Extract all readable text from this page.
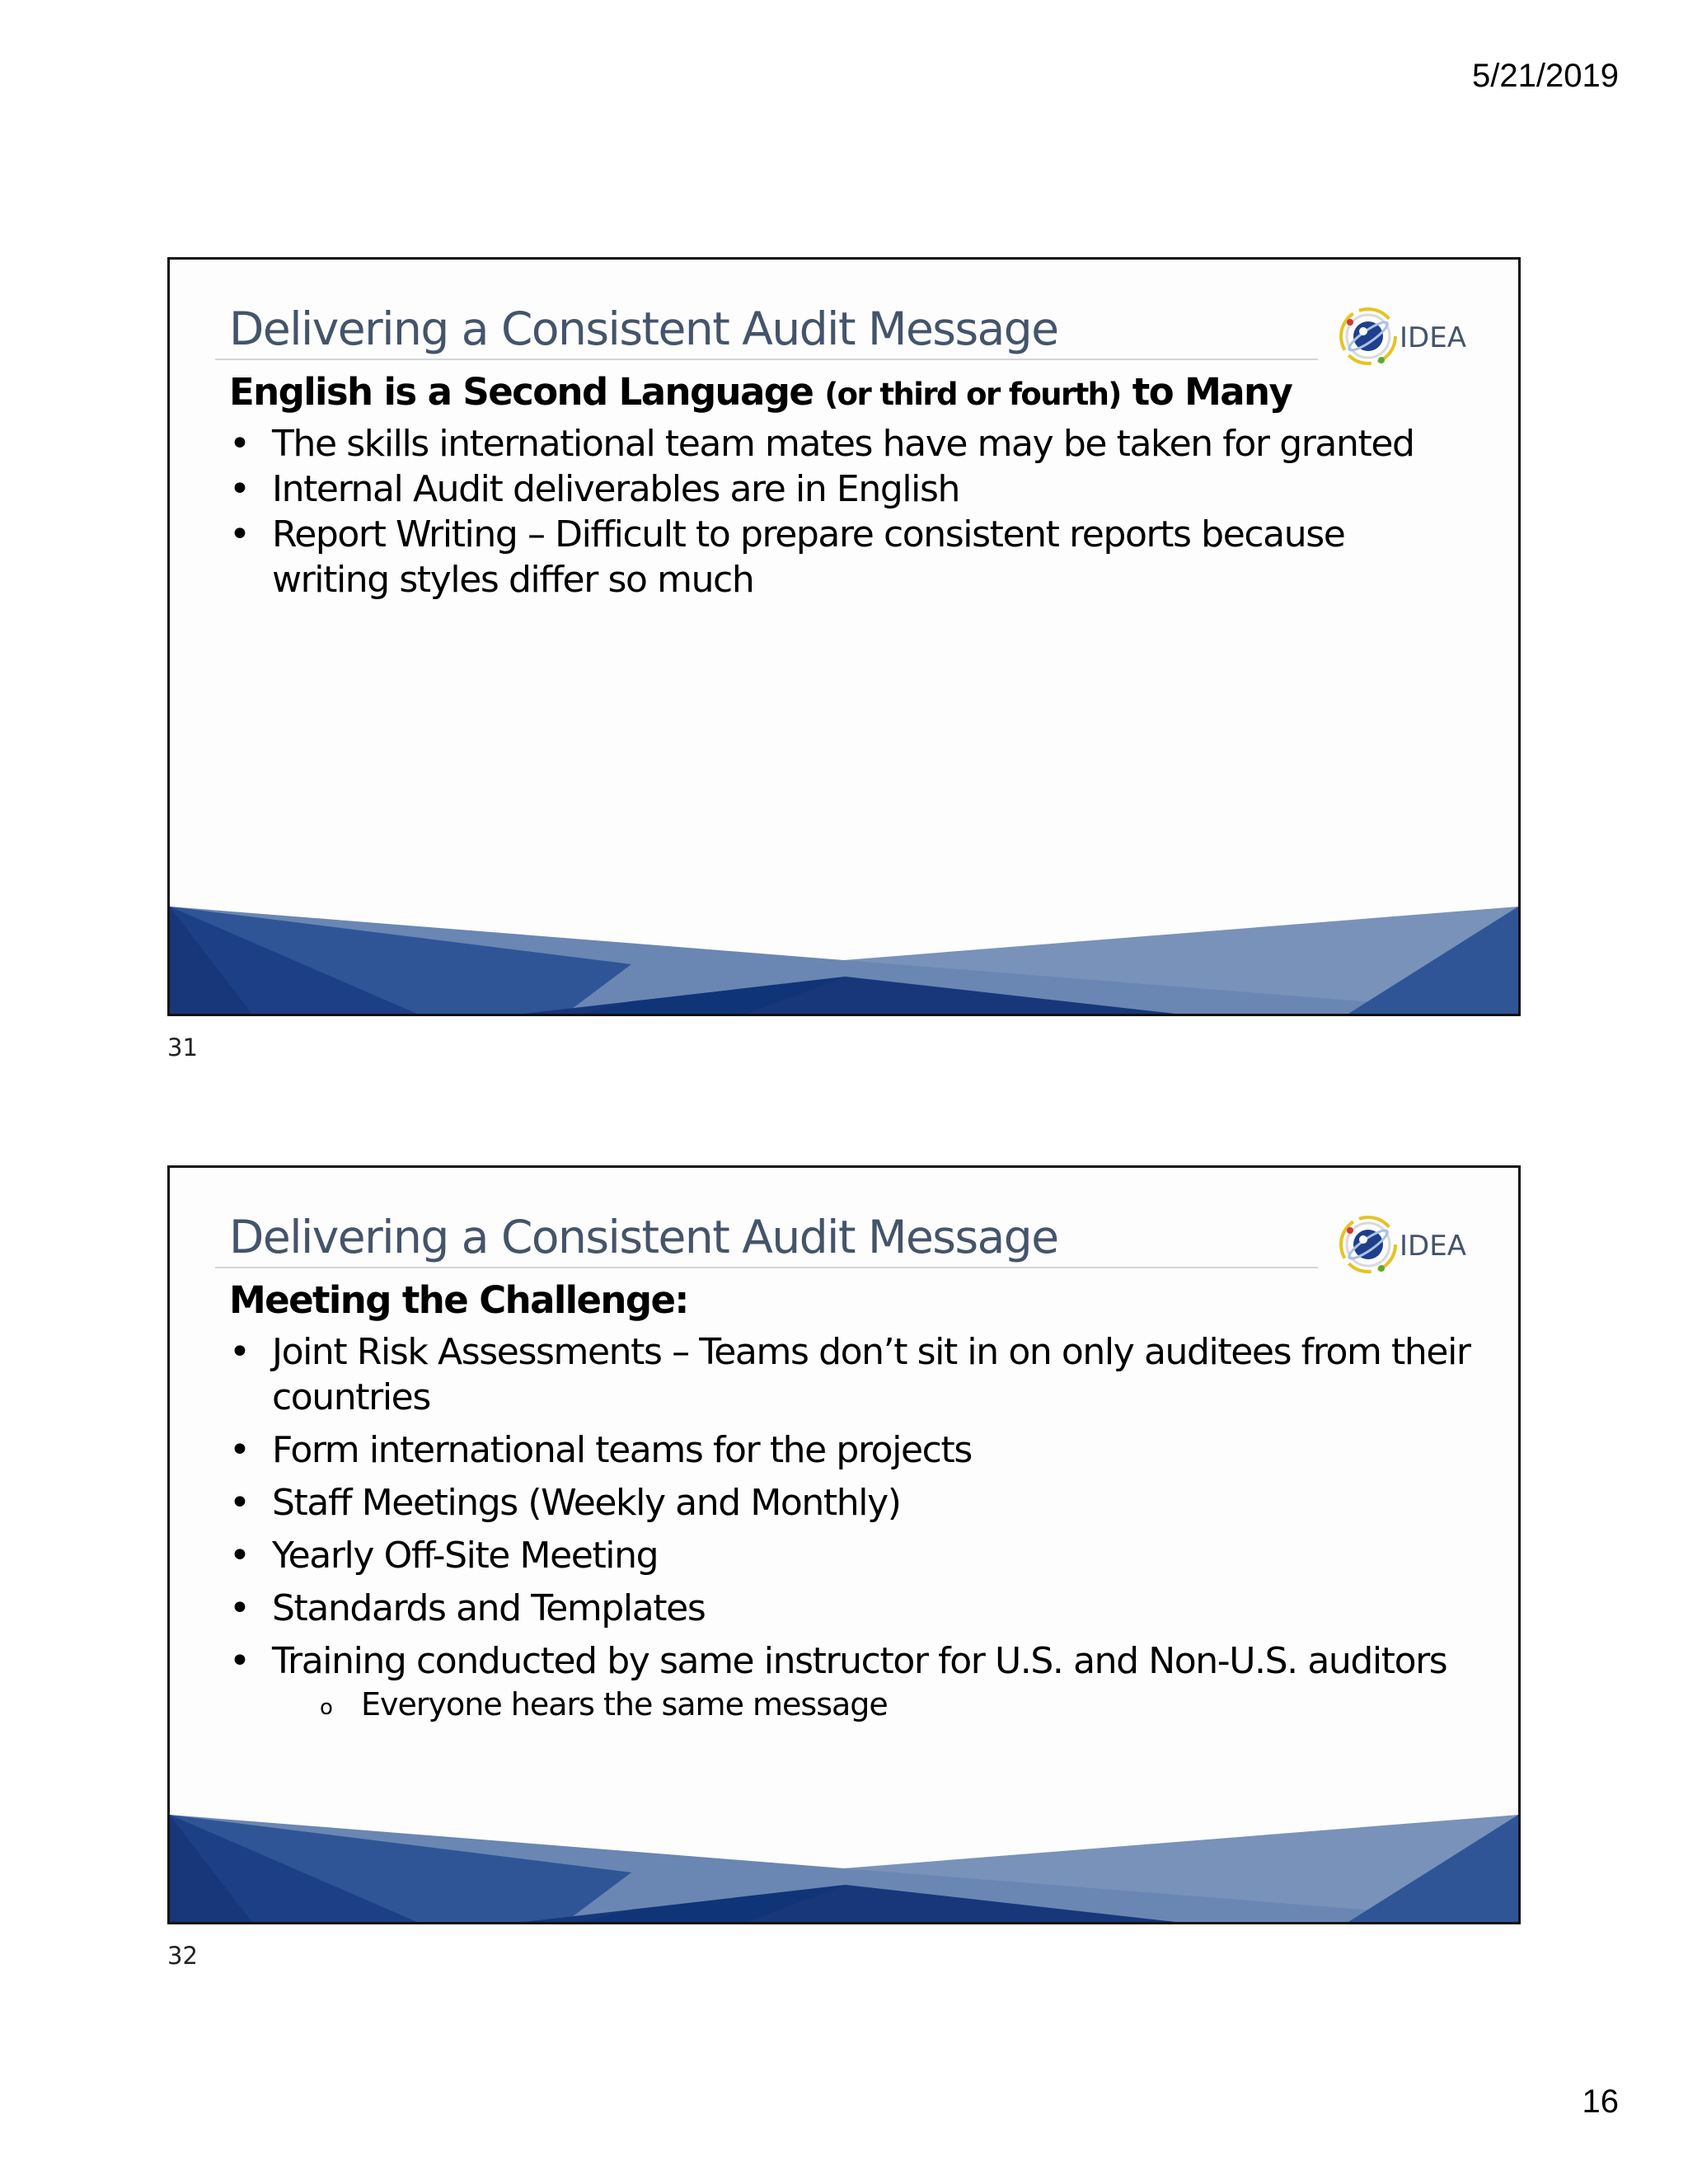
5/21/2019
Delivering a Consistent Audit Message	IDEA
English is a Second Language (or third or fourth) to Many
• The skills international team mates have may be taken for granted
• Internal Audit deliverables are in English
• Report Writing – Difficult to prepare consistent reports because writing styles differ so much
31
Delivering a Consistent Audit Message	IDEA
Meeting the Challenge:
• Joint Risk Assessments – Teams don’t sit in on only auditees from their countries
• Form international teams for the projects
• Staff Meetings (Weekly and Monthly)
• Yearly Off-Site Meeting
• Standards and Templates
• Training conducted by same instructor for U.S. and Non-U.S. auditors
o Everyone hears the same message
32
16
